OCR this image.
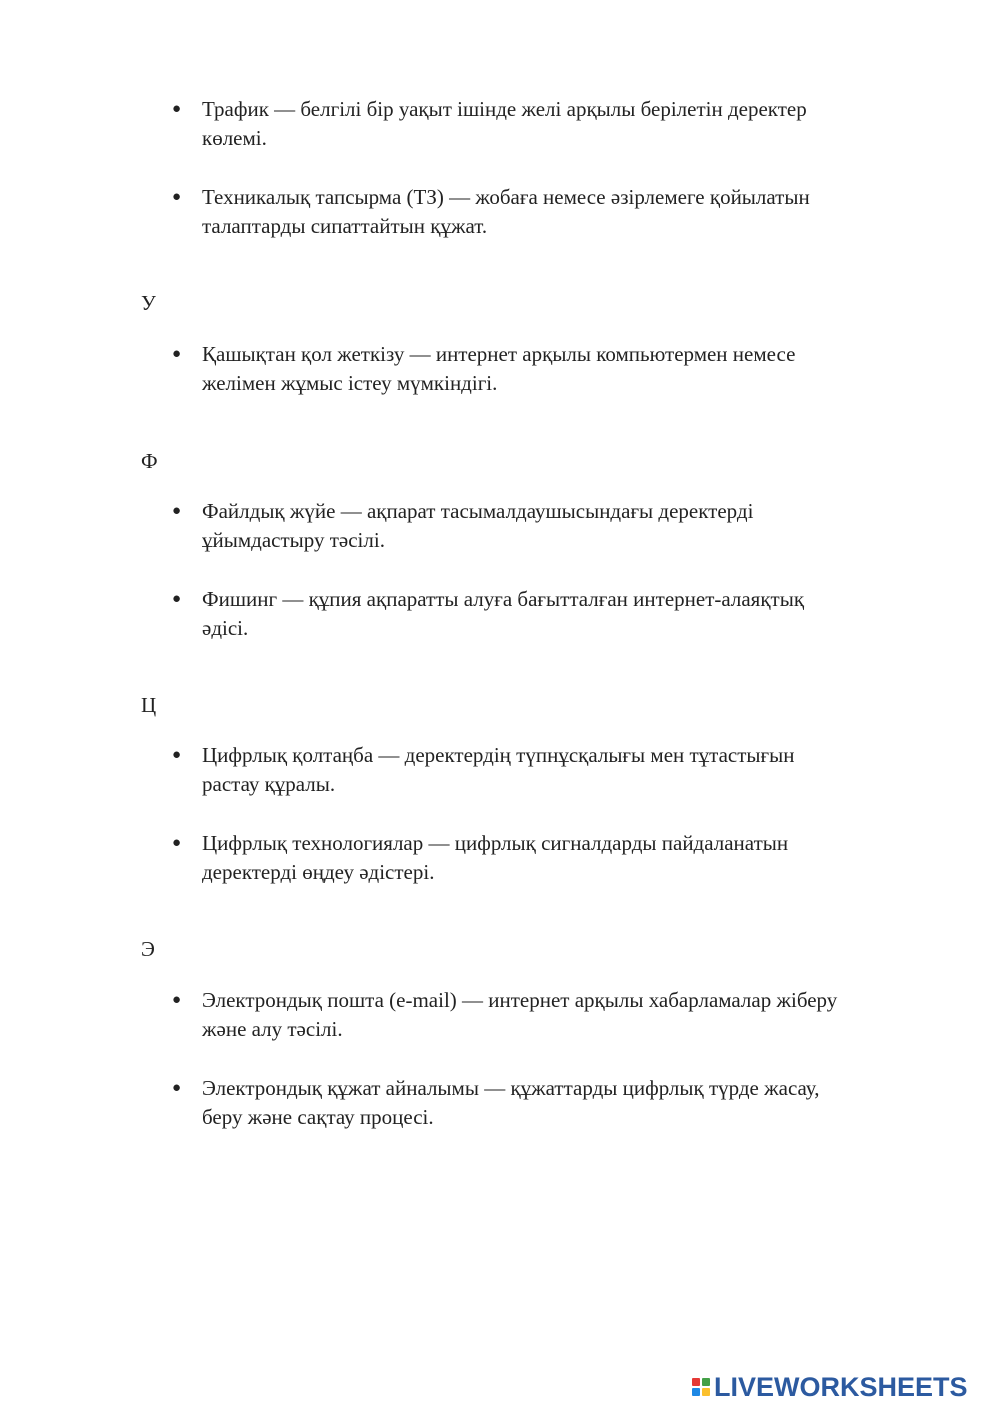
● Трафик — белгілі бір уақыт ішінде желі арқылы берілетін деректер
көлемі.
● Техникалық тапсырма (ТЗ) — жобаға немесе әзірлемеге қойылатын
талаптарды сипаттайтын құжат.
У
● Қашықтан қол жеткізу — интернет арқылы компьютермен немесе
желімен жұмыс істеу мүмкіндігі.
Ф
● Файлдық жүйе — ақпарат тасымалдаушысындағы деректерді
ұйымдастыру тәсілі.
● Фишинг — құпия ақпаратты алуға бағытталған интернет-алаяқтық
әдісі.
Ц
● Цифрлық қолтаңба — деректердің түпнұсқалығы мен тұтастығын
растау құралы.
● Цифрлық технологиялар — цифрлық сигналдарды пайдаланатын
деректерді өңдеу әдістері.
Э
● Электрондық пошта (e-mail) — интернет арқылы хабарламалар жіберу
және алу тәсілі.
● Электрондық құжат айналымы — құжаттарды цифрлық түрде жасау,
беру және сақтау процесі.
LIVEWORKSHEETS
